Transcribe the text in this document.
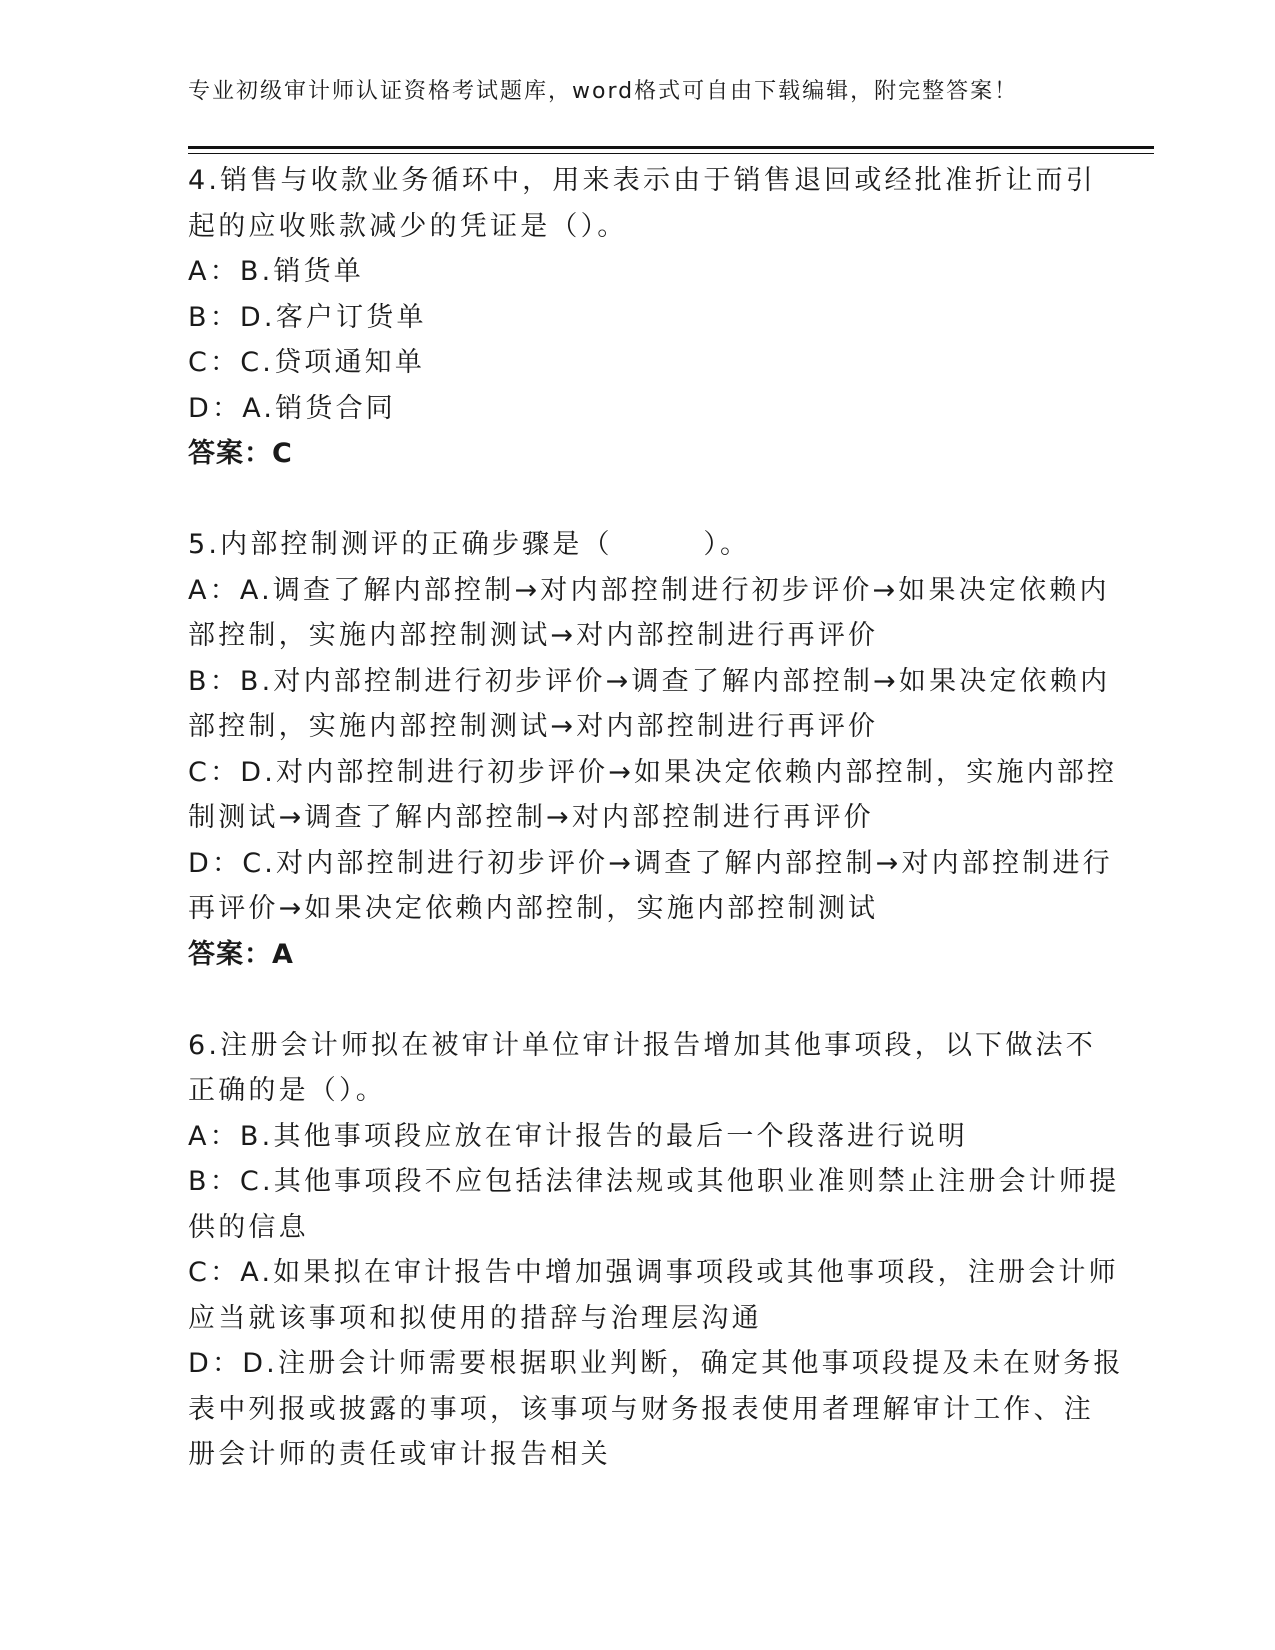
专业初级审计师认证资格考试题库，word格式可自由下载编辑，附完整答案！
4.销售与收款业务循环中，用来表示由于销售退回或经批准折让而引
起的应收账款减少的凭证是（）。
A：B.销货单
B：D.客户订货单
C：C.贷项通知单
D：A.销货合同
答案：C
5.内部控制测评的正确步骤是（　　　）。
A：A.调查了解内部控制→对内部控制进行初步评价→如果决定依赖内
部控制，实施内部控制测试→对内部控制进行再评价
B：B.对内部控制进行初步评价→调查了解内部控制→如果决定依赖内
部控制，实施内部控制测试→对内部控制进行再评价
C：D.对内部控制进行初步评价→如果决定依赖内部控制，实施内部控
制测试→调查了解内部控制→对内部控制进行再评价
D：C.对内部控制进行初步评价→调查了解内部控制→对内部控制进行
再评价→如果决定依赖内部控制，实施内部控制测试
答案：A
6.注册会计师拟在被审计单位审计报告增加其他事项段，以下做法不
正确的是（）。
A：B.其他事项段应放在审计报告的最后一个段落进行说明
B：C.其他事项段不应包括法律法规或其他职业准则禁止注册会计师提
供的信息
C：A.如果拟在审计报告中增加强调事项段或其他事项段，注册会计师
应当就该事项和拟使用的措辞与治理层沟通
D：D.注册会计师需要根据职业判断，确定其他事项段提及未在财务报
表中列报或披露的事项，该事项与财务报表使用者理解审计工作、注
册会计师的责任或审计报告相关
